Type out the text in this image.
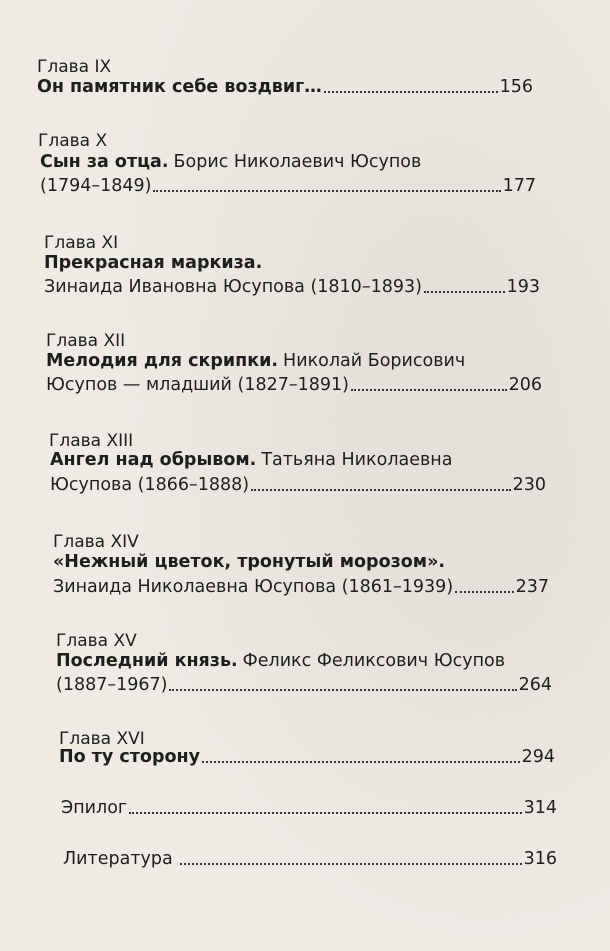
Глава IX
Он памятник себе воздвиг…	156
Глава X
Сын за отца. Борис Николаевич Юсупов
(1794–1849)	177
Глава XI
Прекрасная маркиза.
Зинаида Ивановна Юсупова (1810–1893)	193
Глава XII
Мелодия для скрипки. Николай Борисович
Юсупов — младший (1827–1891)	206
Глава XIII
Ангел над обрывом. Татьяна Николаевна
Юсупова (1866–1888)	230
Глава XIV
«Нежный цветок, тронутый морозом».
Зинаида Николаевна Юсупова (1861–1939)	237
Глава XV
Последний князь. Феликс Феликсович Юсупов
(1887–1967)	264
Глава XVI
По ту сторону	294
Эпилог	314
Литература	316
